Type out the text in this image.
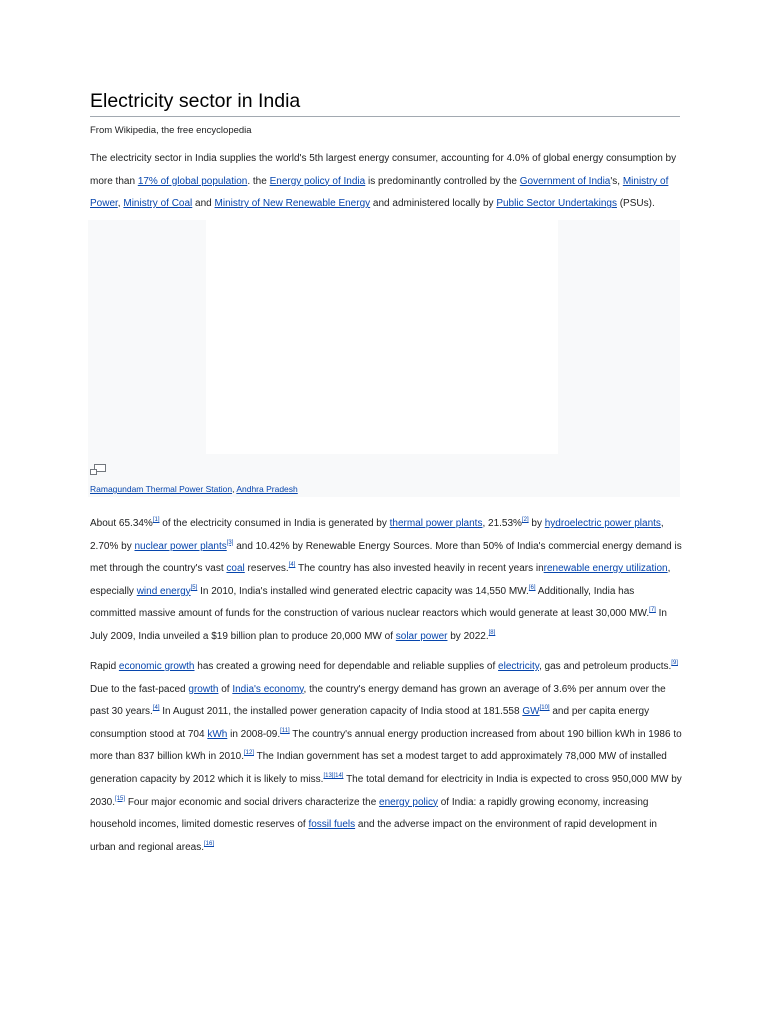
Electricity sector in India
From Wikipedia, the free encyclopedia

The electricity sector in India supplies the world's 5th largest energy consumer, accounting for 4.0% of global energy consumption by more than 17% of global population. the Energy policy of India is predominantly controlled by the Government of India's, Ministry of Power, Ministry of Coal and Ministry of New Renewable Energy and administered locally by Public Sector Undertakings (PSUs).

Ramagundam Thermal Power Station, Andhra Pradesh

About 65.34%[1] of the electricity consumed in India is generated by thermal power plants, 21.53%[2] by hydroelectric power plants, 2.70% by nuclear power plants[3] and 10.42% by Renewable Energy Sources. More than 50% of India's commercial energy demand is met through the country's vast coal reserves.[4] The country has also invested heavily in recent years inrenewable energy utilization, especially wind energy[5] In 2010, India's installed wind generated electric capacity was 14,550 MW.[6] Additionally, India has committed massive amount of funds for the construction of various nuclear reactors which would generate at least 30,000 MW.[7] In July 2009, India unveiled a $19 billion plan to produce 20,000 MW of solar power by 2022.[8]

Rapid economic growth has created a growing need for dependable and reliable supplies of electricity, gas and petroleum products.[9] Due to the fast-paced growth of India's economy, the country's energy demand has grown an average of 3.6% per annum over the past 30 years.[4] In August 2011, the installed power generation capacity of India stood at 181.558 GW[10] and per capita energy consumption stood at 704 kWh in 2008-09.[11] The country's annual energy production increased from about 190 billion kWh in 1986 to more than 837 billion kWh in 2010.[12] The Indian government has set a modest target to add approximately 78,000 MW of installed generation capacity by 2012 which it is likely to miss.[13][14] The total demand for electricity in India is expected to cross 950,000 MW by 2030.[15] Four major economic and social drivers characterize the energy policy of India: a rapidly growing economy, increasing household incomes, limited domestic reserves of fossil fuels and the adverse impact on the environment of rapid development in urban and regional areas.[16]
